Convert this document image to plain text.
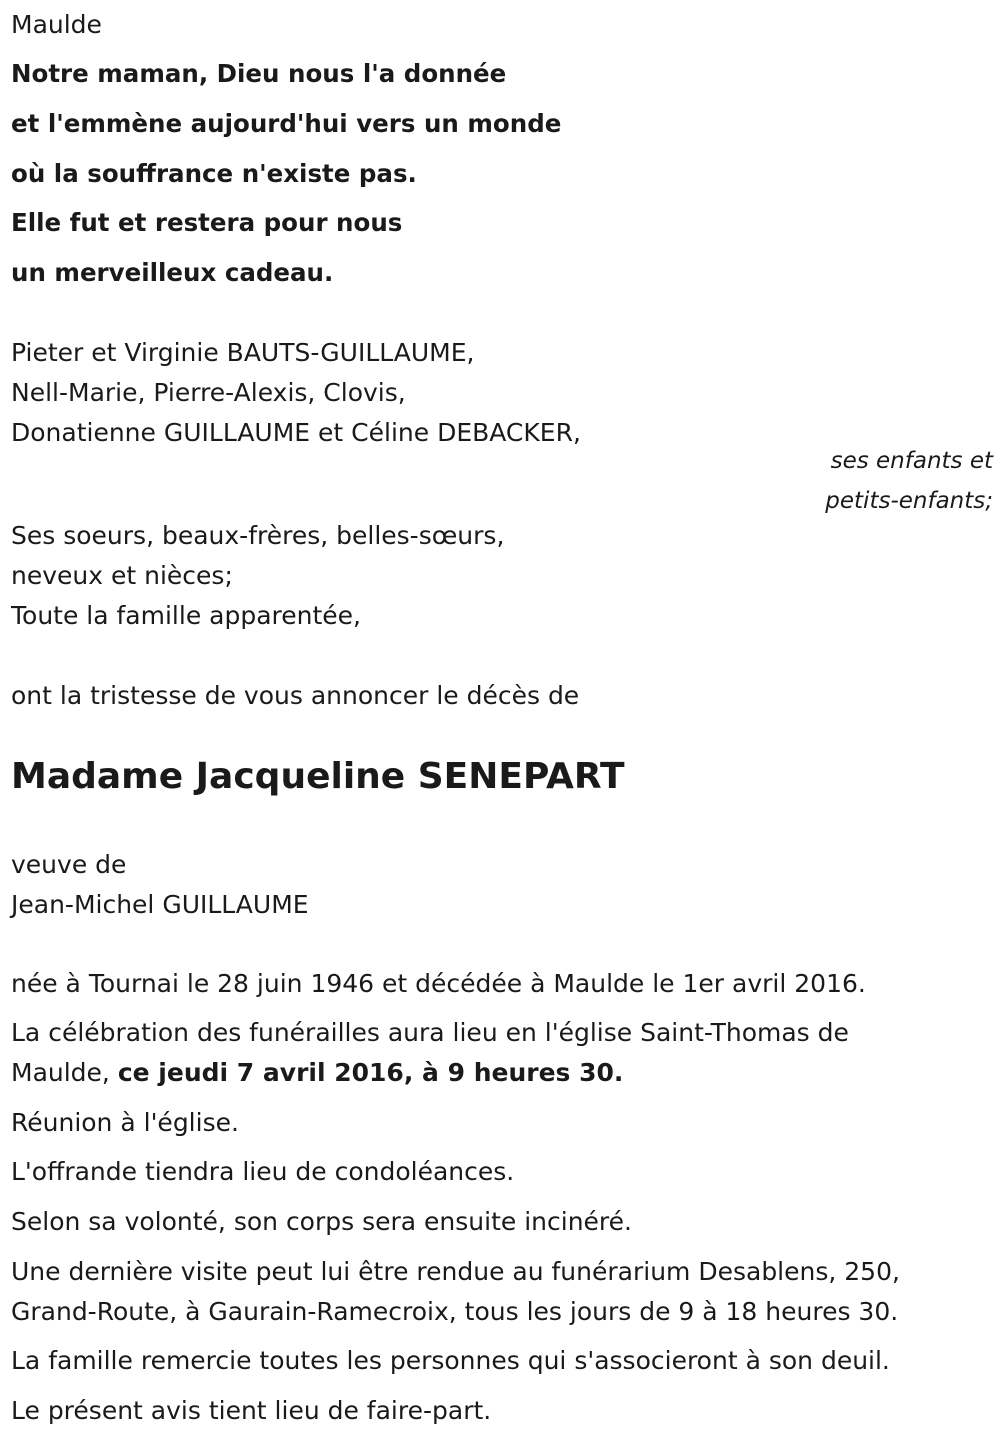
Maulde
Notre maman, Dieu nous l'a donnée
et l'emmène aujourd'hui vers un monde
où la souffrance n'existe pas.
Elle fut et restera pour nous
un merveilleux cadeau.
Pieter et Virginie BAUTS-GUILLAUME,
Nell-Marie, Pierre-Alexis, Clovis,
Donatienne GUILLAUME et Céline DEBACKER,
ses enfants et
petits-enfants;
Ses soeurs, beaux-frères, belles-sœurs,
neveux et nièces;
Toute la famille apparentée,
ont la tristesse de vous annoncer le décès de
Madame Jacqueline SENEPART
veuve de
Jean-Michel GUILLAUME
née à Tournai le 28 juin 1946 et décédée à Maulde le 1er avril 2016.
La célébration des funérailles aura lieu en l'église Saint-Thomas de
Maulde, ce jeudi 7 avril 2016, à 9 heures 30.
Réunion à l'église.
L'offrande tiendra lieu de condoléances.
Selon sa volonté, son corps sera ensuite incinéré.
Une dernière visite peut lui être rendue au funérarium Desablens, 250,
Grand-Route, à Gaurain-Ramecroix, tous les jours de 9 à 18 heures 30.
La famille remercie toutes les personnes qui s'associeront à son deuil.
Le présent avis tient lieu de faire-part.
